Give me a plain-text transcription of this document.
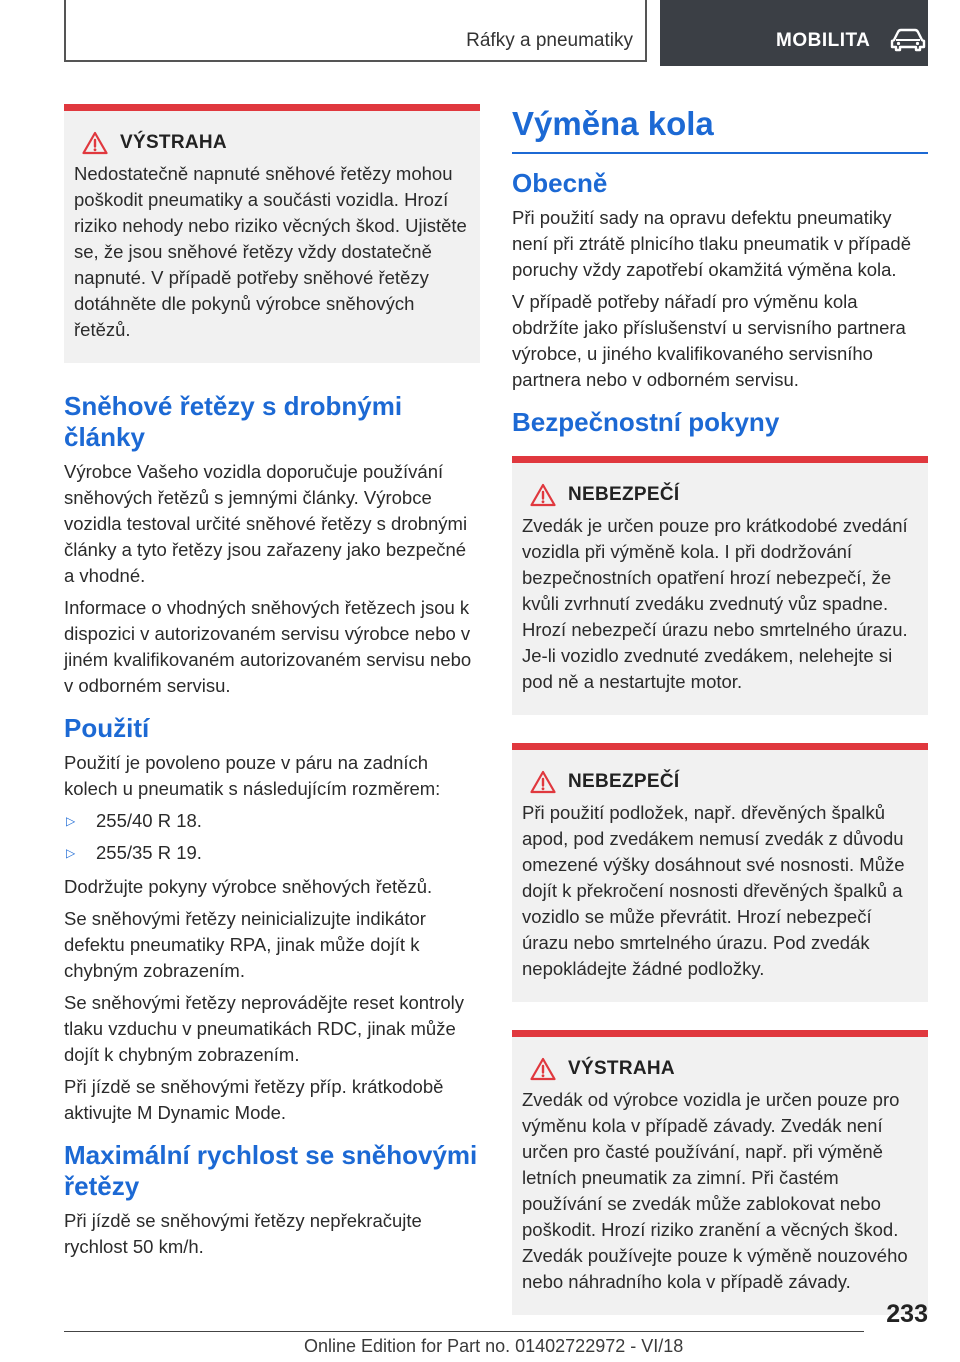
Ráfky a pneumatiky	MOBILITA
VÝSTRAHA

Nedostatečně napnuté sněhové řetězy mohou poškodit pneumatiky a součásti vozidla. Hrozí riziko nehody nebo riziko věcných škod. Ujistěte se, že jsou sněhové řetězy vždy dostatečně napnuté. V případě potřeby sněhové řetězy dotáhněte dle pokynů výrobce sněhových řetězů.

Sněhové řetězy s drobnými články

Výrobce Vašeho vozidla doporučuje používání sněhových řetězů s jemnými články. Výrobce vozidla testoval určité sněhové řetězy s drobnými články a tyto řetězy jsou zařazeny jako bezpečné a vhodné.

Informace o vhodných sněhových řetězech jsou k dispozici v autorizovaném servisu výrobce nebo v jiném kvalifikovaném autorizovaném servisu nebo v odborném servisu.

Použití

Použití je povoleno pouze v páru na zadních kolech u pneumatik s následujícím rozměrem:

▷	255/40 R 18.
▷	255/35 R 19.

Dodržujte pokyny výrobce sněhových řetězů.

Se sněhovými řetězy neinicializujte indikátor defektu pneumatiky RPA, jinak může dojít k chybným zobrazením.

Se sněhovými řetězy neprovádějte reset kontroly tlaku vzduchu v pneumatikách RDC, jinak může dojít k chybným zobrazením.

Při jízdě se sněhovými řetězy příp. krátkodobě aktivujte M Dynamic Mode.

Maximální rychlost se sněhovými řetězy

Při jízdě se sněhovými řetězy nepřekračujte rychlost 50 km/h.

Výměna kola
Obecně

Při použití sady na opravu defektu pneumatiky není při ztrátě plnicího tlaku pneumatik v případě poruchy vždy zapotřebí okamžitá výměna kola.

V případě potřeby nářadí pro výměnu kola obdržíte jako příslušenství u servisního partnera výrobce, u jiného kvalifikovaného servisního partnera nebo v odborném servisu.

Bezpečnostní pokyny
NEBEZPEČÍ

Zvedák je určen pouze pro krátkodobé zvedání vozidla při výměně kola. I při dodržování bezpečnostních opatření hrozí nebezpečí, že kvůli zvrhnutí zvedáku zvednutý vůz spadne. Hrozí nebezpečí úrazu nebo smrtelného úrazu. Je-li vozidlo zvednuté zvedákem, nelehejte si pod ně a nestartujte motor.

NEBEZPEČÍ

Při použití podložek, např. dřevěných špalků apod, pod zvedákem nemusí zvedák z důvodu omezené výšky dosáhnout své nosnosti. Může dojít k překročení nosnosti dřevěných špalků a vozidlo se může převrátit. Hrozí nebezpečí úrazu nebo smrtelného úrazu. Pod zvedák nepokládejte žádné podložky.

VÝSTRAHA

Zvedák od výrobce vozidla je určen pouze pro výměnu kola v případě závady. Zvedák není určen pro časté používání, např. při výměně letních pneumatik za zimní. Při častém používání se zvedák může zablokovat nebo poškodit. Hrozí riziko zranění a věcných škod. Zvedák používejte pouze k výměně nouzového nebo náhradního kola v případě závady.

233
Online Edition for Part no. 01402722972 - VI/18
